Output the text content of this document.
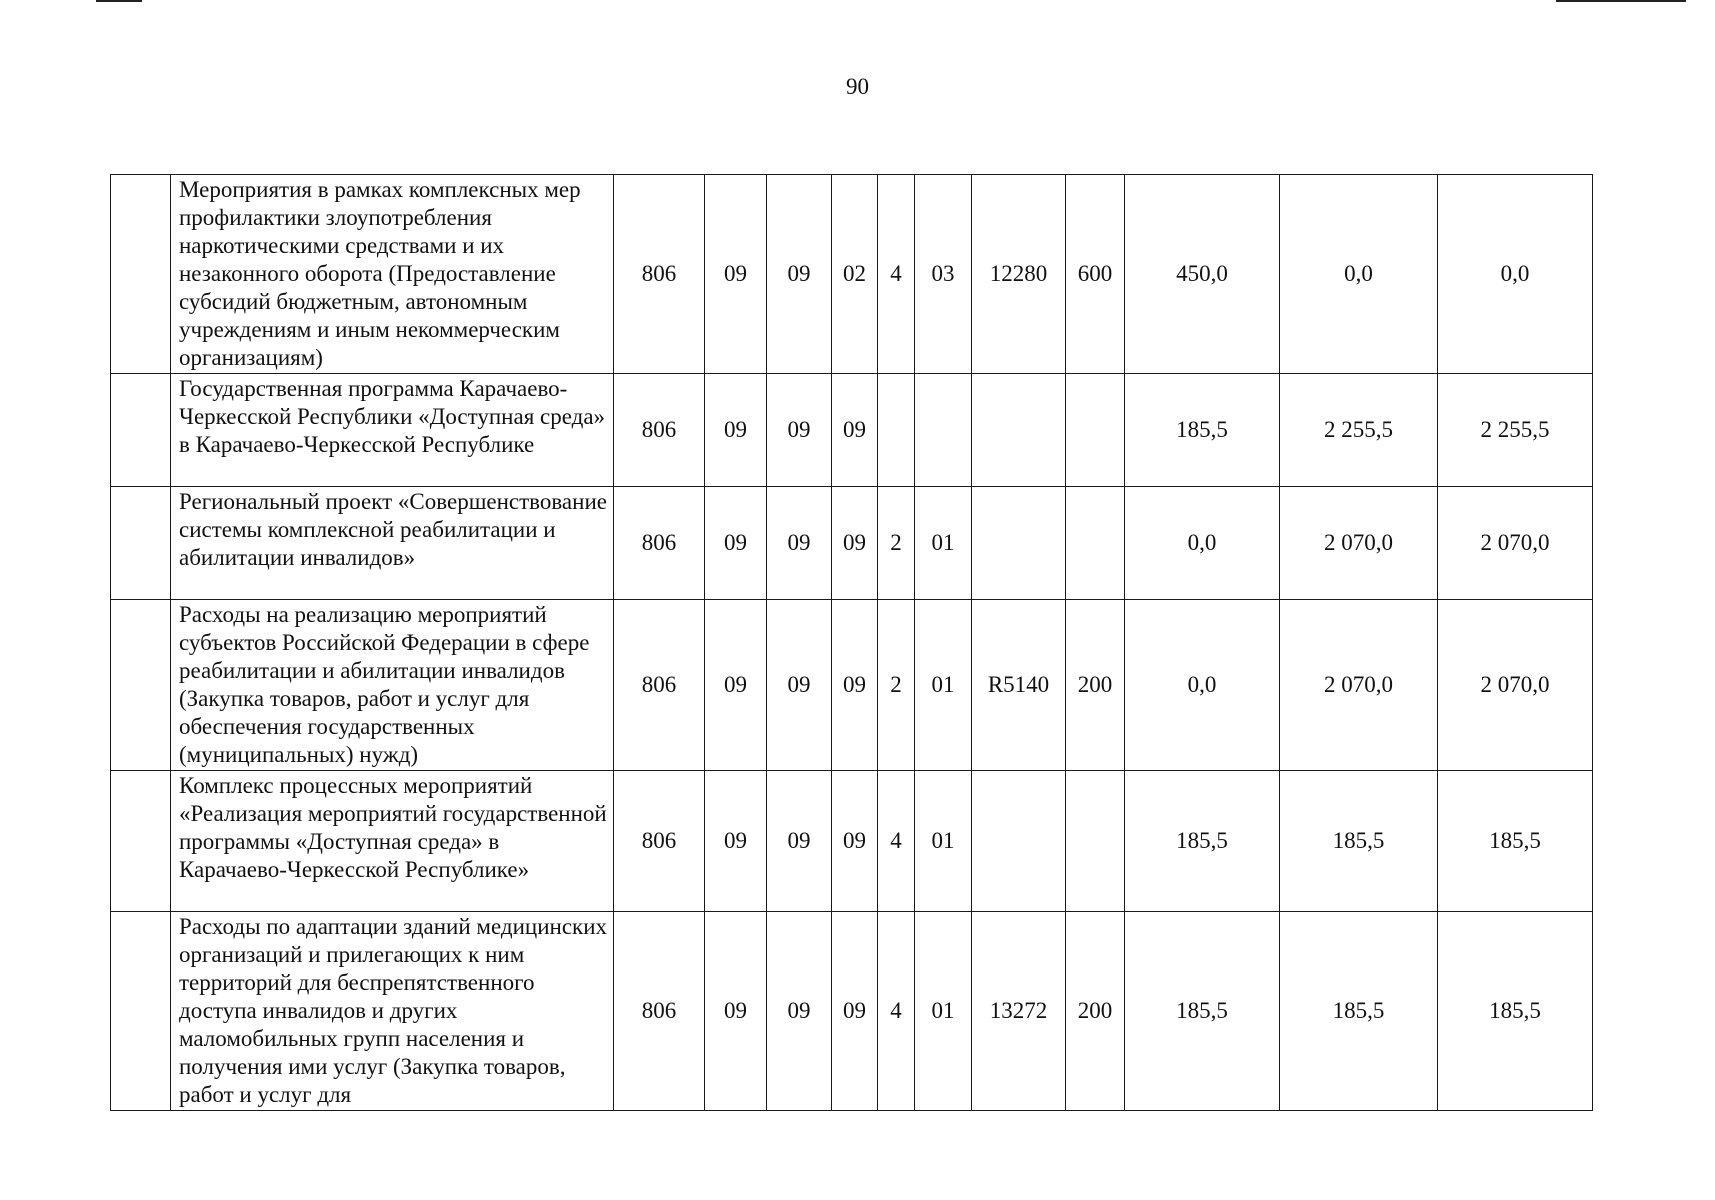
90
	Мероприятия в рамках комплексных мер профилактики злоупотребления наркотическими средствами и их незаконного оборота (Предоставление субсидий бюджетным, автономным учреждениям и иным некоммерческим организациям)	806	09	09	02	4	03	12280	600	450,0	0,0	0,0
	Государственная программа Карачаево-Черкесской Республики «Доступная среда» в Карачаево-Черкесской Республике	806	09	09	09					185,5	2 255,5	2 255,5
	Региональный проект «Совершенствование системы комплексной реабилитации и абилитации инвалидов»	806	09	09	09	2	01			0,0	2 070,0	2 070,0
	Расходы на реализацию мероприятий субъектов Российской Федерации в сфере реабилитации и абилитации инвалидов (Закупка товаров, работ и услуг для обеспечения государственных (муниципальных) нужд)	806	09	09	09	2	01	R5140	200	0,0	2 070,0	2 070,0
	Комплекс процессных мероприятий «Реализация мероприятий государственной программы «Доступная среда» в Карачаево-Черкесской Республике»	806	09	09	09	4	01			185,5	185,5	185,5
	Расходы по адаптации зданий медицинских организаций и прилегающих к ним территорий для беспрепятственного доступа инвалидов и других маломобильных групп населения и получения ими услуг (Закупка товаров, работ и услуг для	806	09	09	09	4	01	13272	200	185,5	185,5	185,5
